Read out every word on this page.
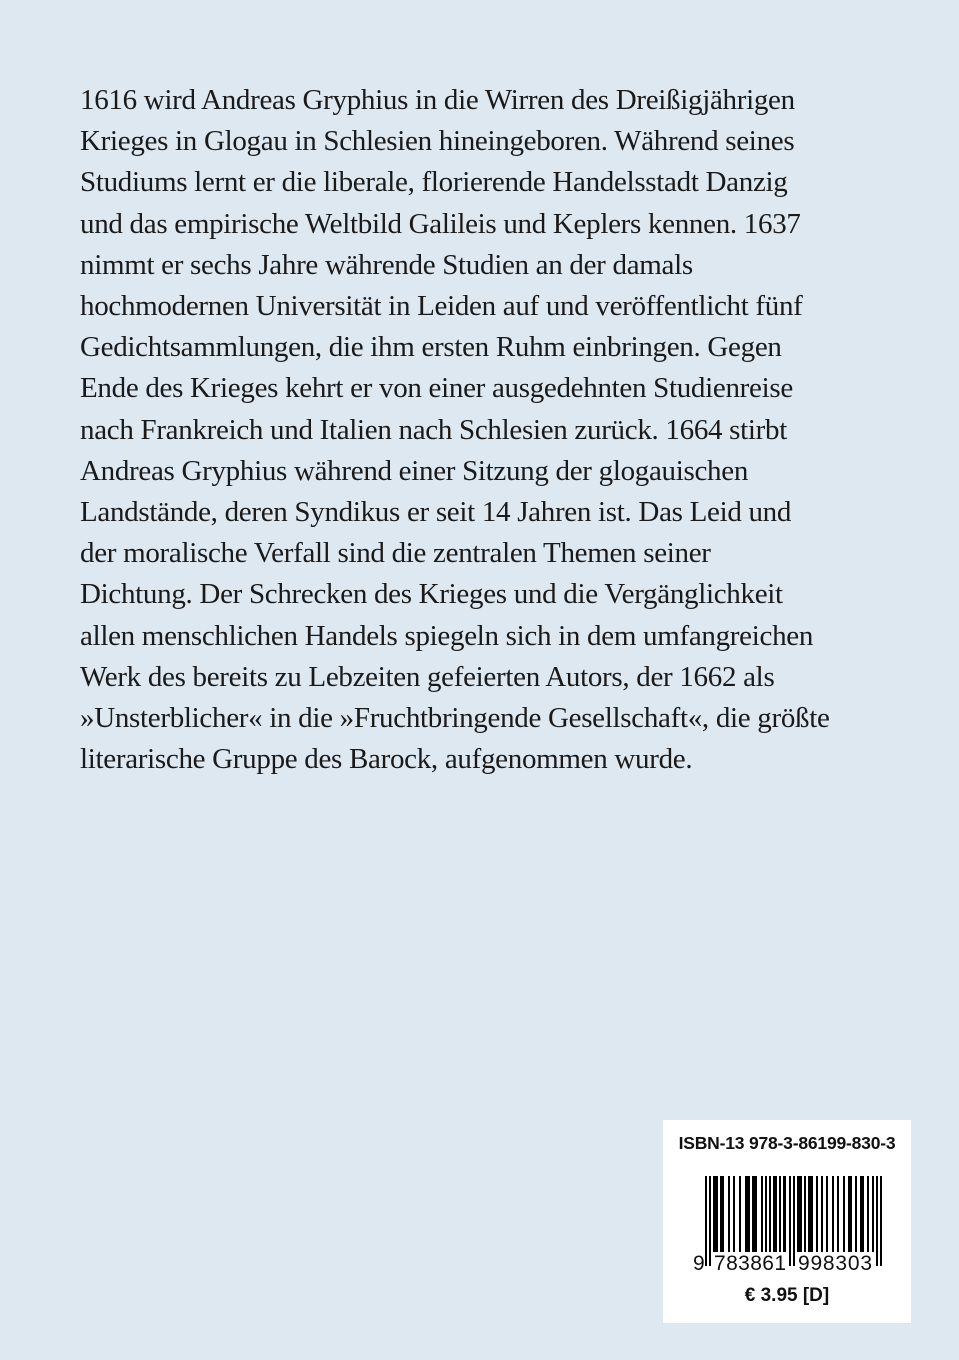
1616 wird Andreas Gryphius in die Wirren des Dreißigjährigen
Krieges in Glogau in Schlesien hineingeboren. Während seines
Studiums lernt er die liberale, florierende Handelsstadt Danzig
und das empirische Weltbild Galileis und Keplers kennen. 1637
nimmt er sechs Jahre währende Studien an der damals
hochmodernen Universität in Leiden auf und veröffentlicht fünf
Gedichtsammlungen, die ihm ersten Ruhm einbringen. Gegen
Ende des Krieges kehrt er von einer ausgedehnten Studienreise
nach Frankreich und Italien nach Schlesien zurück. 1664 stirbt
Andreas Gryphius während einer Sitzung der glogauischen
Landstände, deren Syndikus er seit 14 Jahren ist. Das Leid und
der moralische Verfall sind die zentralen Themen seiner
Dichtung. Der Schrecken des Krieges und die Vergänglichkeit
allen menschlichen Handels spiegeln sich in dem umfangreichen
Werk des bereits zu Lebzeiten gefeierten Autors, der 1662 als
»Unsterblicher« in die »Fruchtbringende Gesellschaft«, die größte
literarische Gruppe des Barock, aufgenommen wurde.
ISBN-13 978-3-86199-830-3
9 783861 998303
€ 3.95 [D]
